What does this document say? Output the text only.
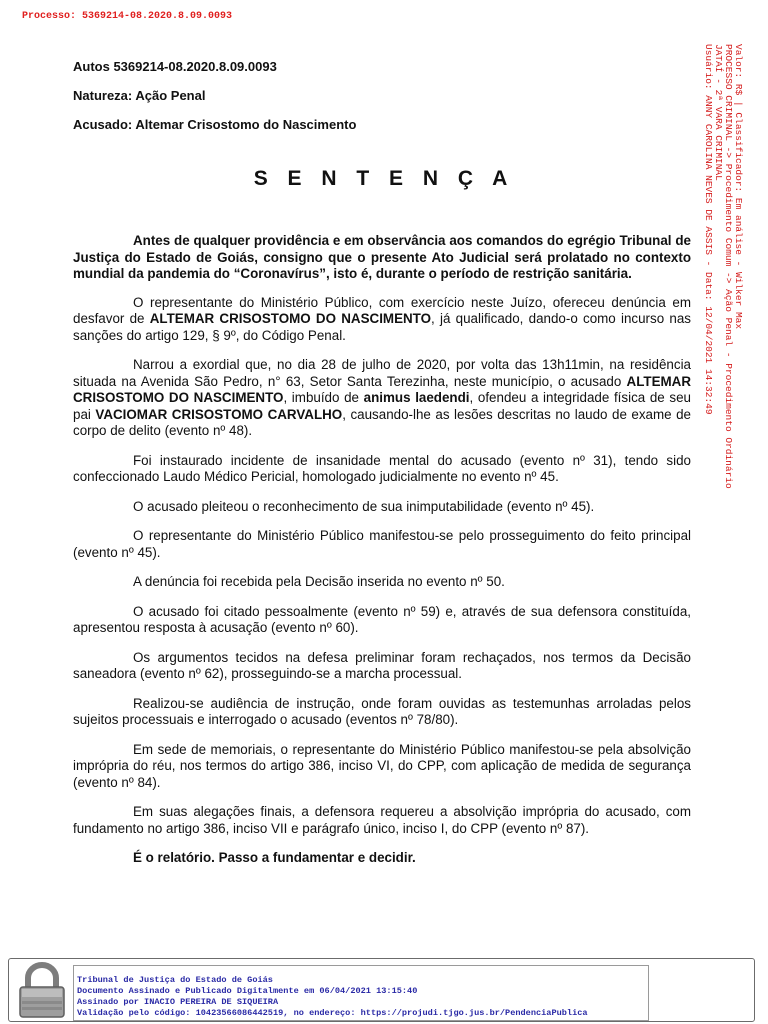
Processo: 5369214-08.2020.8.09.0093
Valor: R$ | Classificador: Em análise - Wilker Max
PROCESSO CRIMINAL -> Procedimento Comum -> Ação Penal - Procedimento Ordinário
JATAÍ - 2ª VARA CRIMINAL
Usuário: ANNY CAROLINA NEVES DE ASSIS - Data: 12/04/2021 14:32:49
Autos 5369214-08.2020.8.09.0093
Natureza: Ação Penal
Acusado: Altemar Crisostomo do Nascimento
S E N T E N Ç A

Antes de qualquer providência e em observância aos comandos do egrégio Tribunal de Justiça do Estado de Goiás, consigno que o presente Ato Judicial será prolatado no contexto mundial da pandemia do “Coronavírus”, isto é, durante o período de restrição sanitária.

O representante do Ministério Público, com exercício neste Juízo, ofereceu denúncia em desfavor de ALTEMAR CRISOSTOMO DO NASCIMENTO, já qualificado, dando-o como incurso nas sanções do artigo 129, § 9º, do Código Penal.

Narrou a exordial que, no dia 28 de julho de 2020, por volta das 13h11min, na residência situada na Avenida São Pedro, n° 63, Setor Santa Terezinha, neste município, o acusado ALTEMAR CRISOSTOMO DO NASCIMENTO, imbuído de animus laedendi, ofendeu a integridade física de seu pai VACIOMAR CRISOSTOMO CARVALHO, causando-lhe as lesões descritas no laudo de exame de corpo de delito (evento nº 48).

Foi instaurado incidente de insanidade mental do acusado (evento nº 31), tendo sido confeccionado Laudo Médico Pericial, homologado judicialmente no evento nº 45.

O acusado pleiteou o reconhecimento de sua inimputabilidade (evento nº 45).

O representante do Ministério Público manifestou-se pelo prosseguimento do feito principal (evento nº 45).

A denúncia foi recebida pela Decisão inserida no evento nº 50.

O acusado foi citado pessoalmente (evento nº 59) e, através de sua defensora constituída, apresentou resposta à acusação (evento nº 60).

Os argumentos tecidos na defesa preliminar foram rechaçados, nos termos da Decisão saneadora (evento nº 62), prosseguindo-se a marcha processual.

Realizou-se audiência de instrução, onde foram ouvidas as testemunhas arroladas pelos sujeitos processuais e interrogado o acusado (eventos nº 78/80).

Em sede de memoriais, o representante do Ministério Público manifestou-se pela absolvição imprópria do réu, nos termos do artigo 386, inciso VI, do CPP, com aplicação de medida de segurança (evento nº 84).

Em suas alegações finais, a defensora requereu a absolvição imprópria do acusado, com fundamento no artigo 386, inciso VII e parágrafo único, inciso I, do CPP (evento nº 87).

É o relatório. Passo a fundamentar e decidir.

Tribunal de Justiça do Estado de Goiás
Documento Assinado e Publicado Digitalmente em 06/04/2021 13:15:40
Assinado por INACIO PEREIRA DE SIQUEIRA
Validação pelo código: 10423566086442519, no endereço: https://projudi.tjgo.jus.br/PendenciaPublica
